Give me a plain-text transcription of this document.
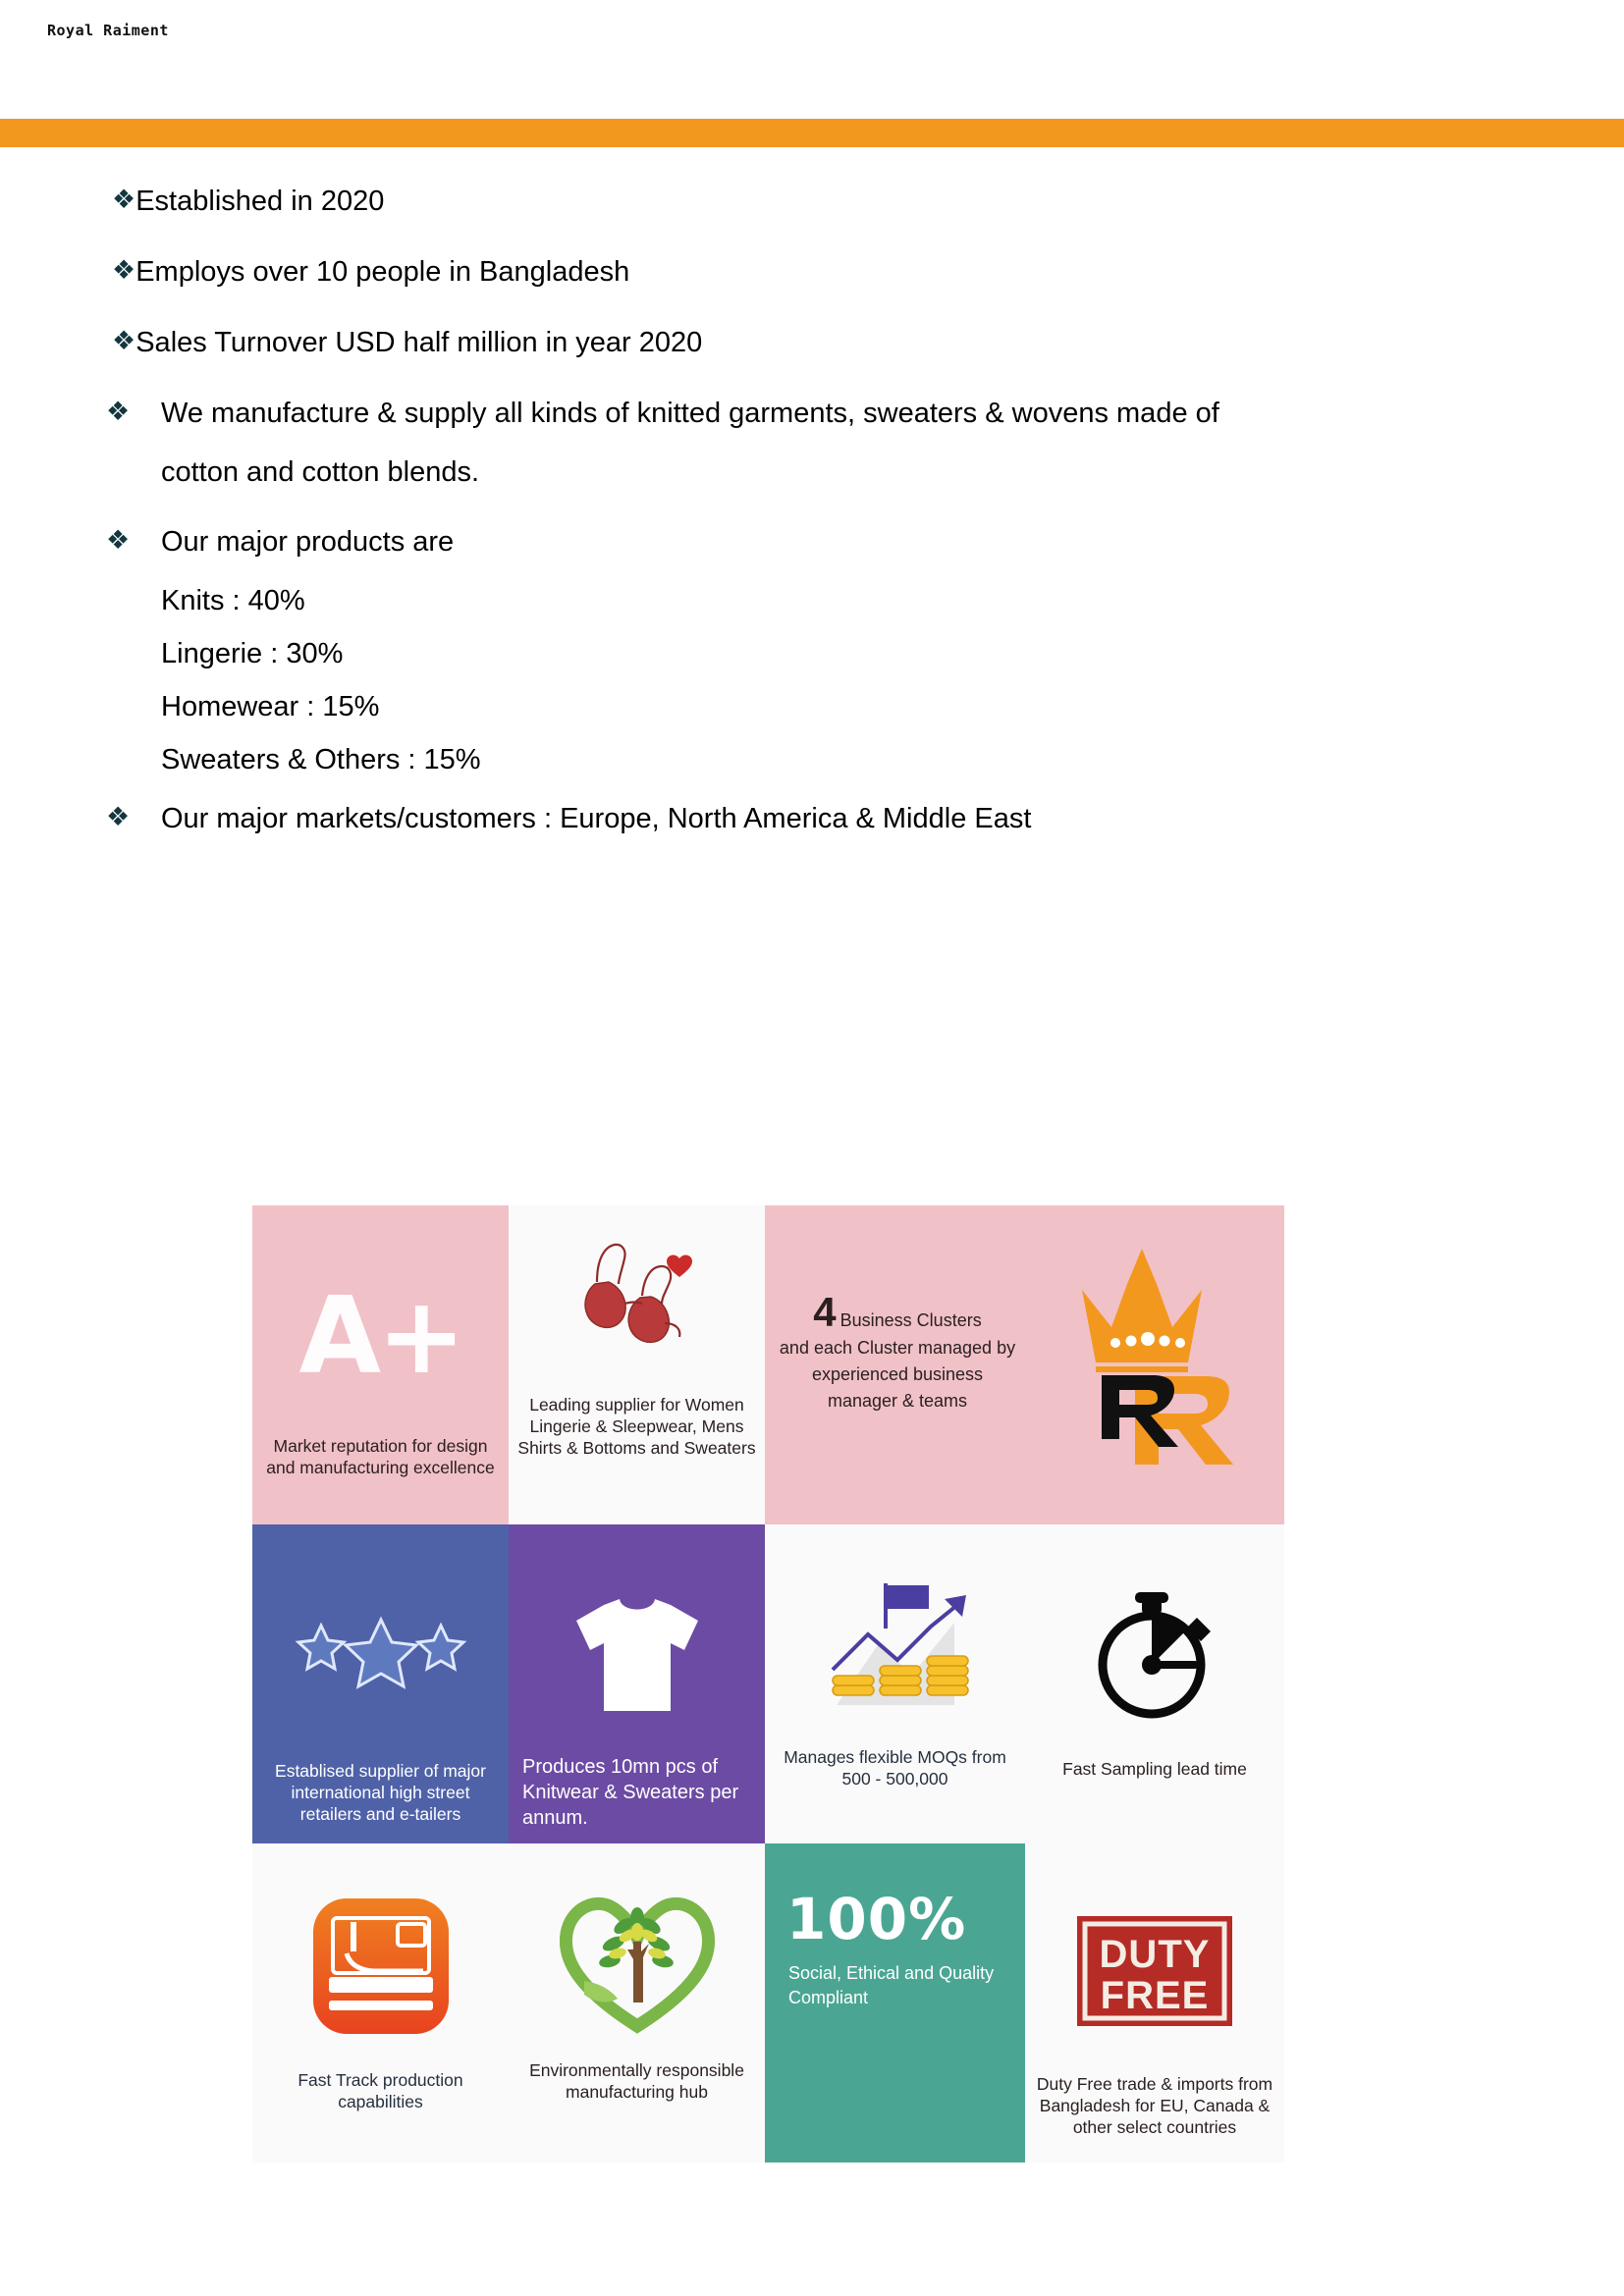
Royal Raiment
❖ Established in 2020
❖ Employs over 10 people in Bangladesh
❖ Sales Turnover USD half million in year 2020
❖	We manufacture & supply all kinds of knitted garments, sweaters & wovens made of
cotton and cotton blends.
❖	Our major products are
Knits : 40%
Lingerie : 30%
Homewear : 15%
Sweaters & Others : 15%
❖	Our major markets/customers : Europe, North America & Middle East
A+
Market reputation for design and manufacturing excellence
Leading supplier for Women Lingerie & Sleepwear, Mens Shirts & Bottoms and Sweaters
4 Business Clusters
and each Cluster managed by experienced business manager & teams
Establised supplier of major international high street retailers and e-tailers
Produces 10mn pcs of Knitwear & Sweaters per annum.
Manages flexible MOQs from 500 - 500,000
Fast Sampling lead time
Fast Track production capabilities
Environmentally responsible manufacturing hub
100%
Social, Ethical and Quality Compliant
DUTY
FREE
Duty Free trade & imports from Bangladesh for EU, Canada & other select countries
